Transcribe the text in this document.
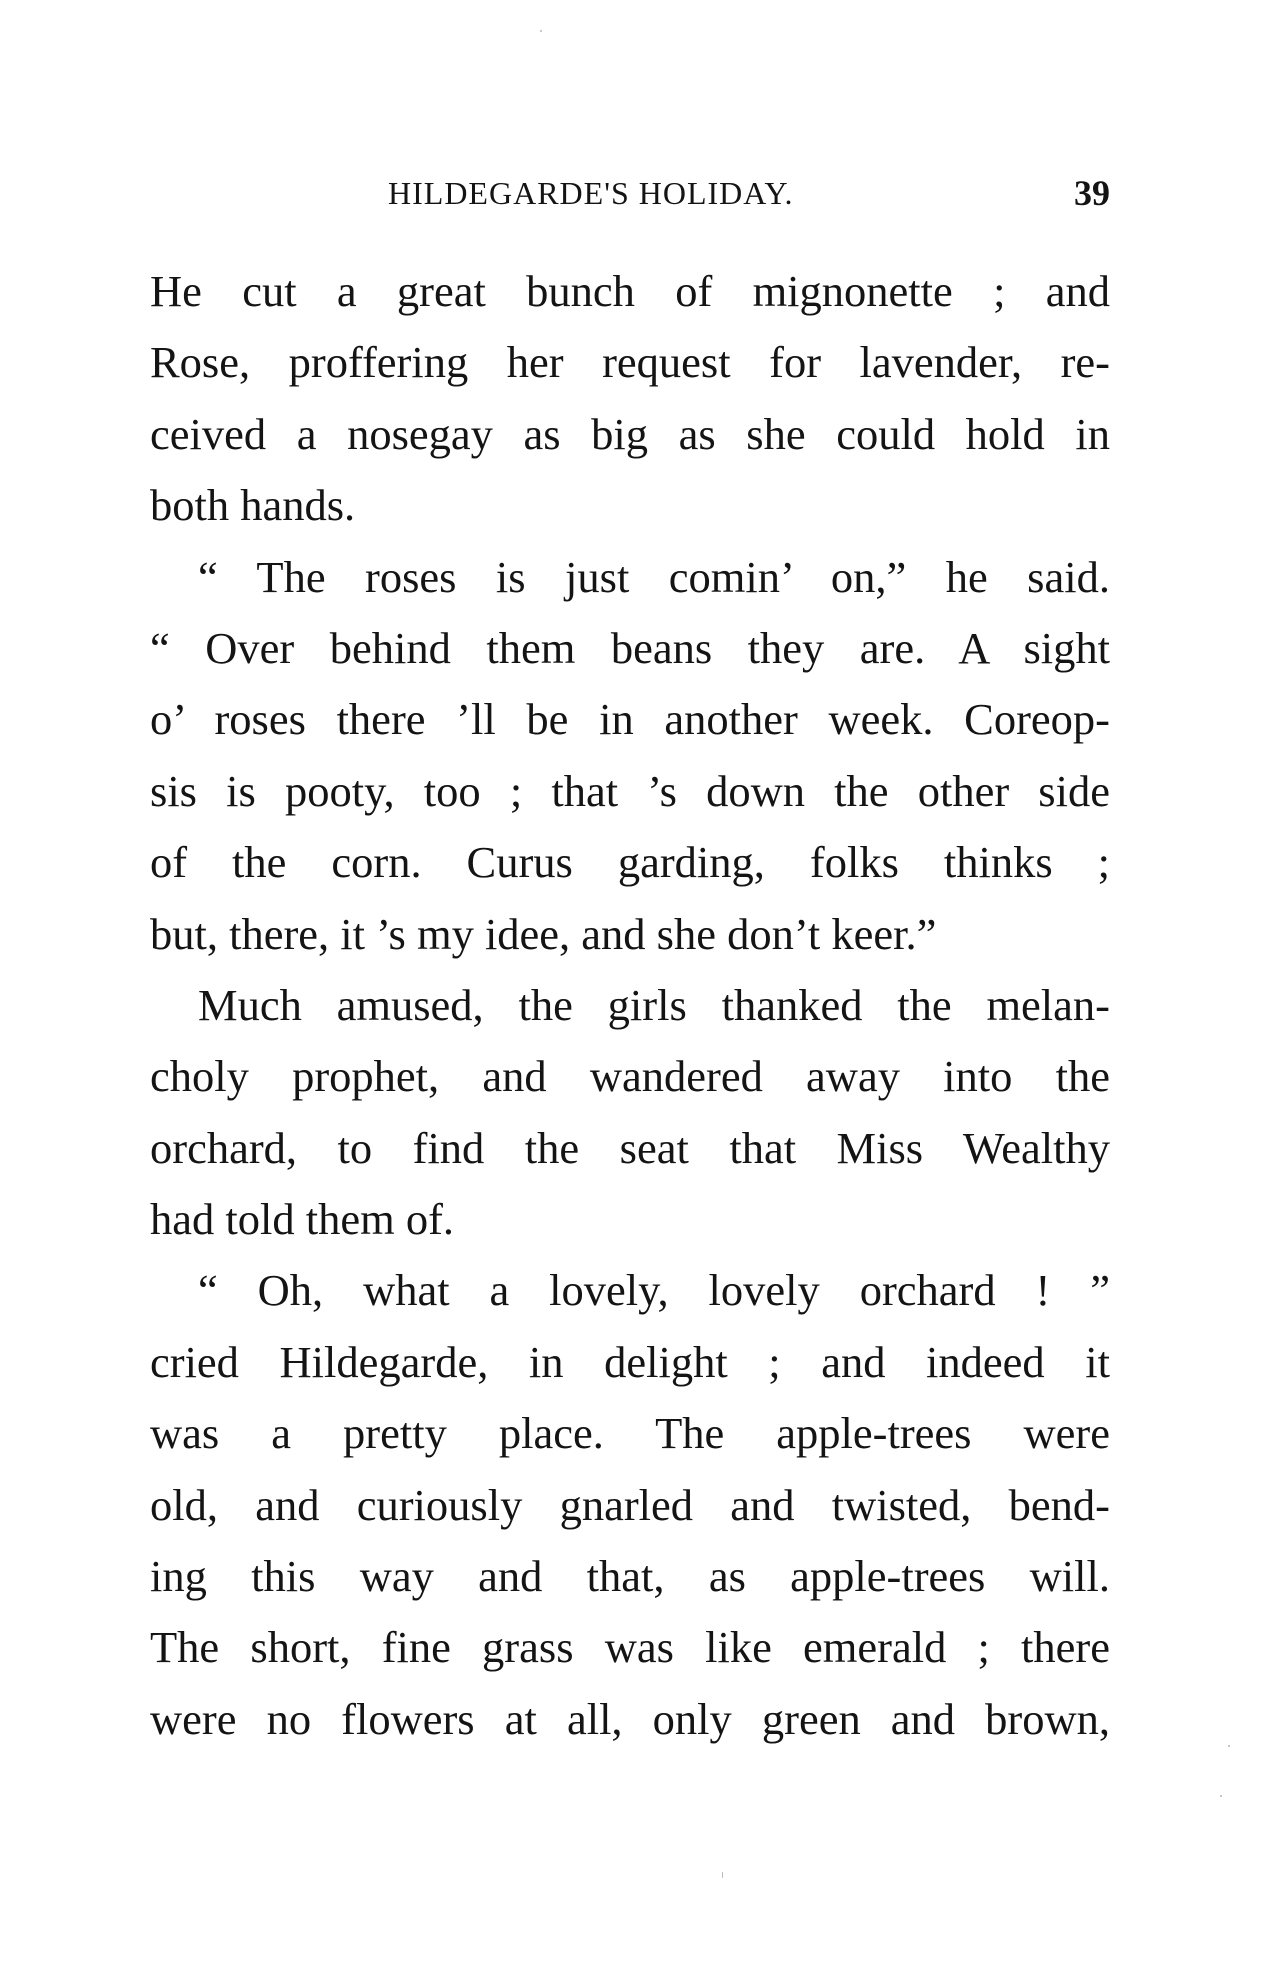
HILDEGARDE'S HOLIDAY.	39
He cut a great bunch of mignonette ; and
Rose, proffering her request for lavender, re-
ceived a nosegay as big as she could hold in
both hands.
“ The roses is just comin’ on,” he said.
“ Over behind them beans they are. A sight
o’ roses there ’ll be in another week. Coreop-
sis is pooty, too ; that ’s down the other side
of the corn. Curus garding, folks thinks ;
but, there, it ’s my idee, and she don’t keer.”
Much amused, the girls thanked the melan-
choly prophet, and wandered away into the
orchard, to find the seat that Miss Wealthy
had told them of.
“ Oh, what a lovely, lovely orchard ! ”
cried Hildegarde, in delight ; and indeed it
was a pretty place. The apple-trees were
old, and curiously gnarled and twisted, bend-
ing this way and that, as apple-trees will.
The short, fine grass was like emerald ; there
were no flowers at all, only green and brown,
